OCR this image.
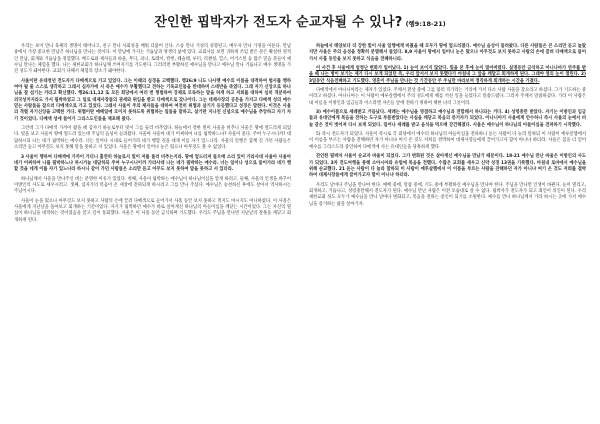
잔인한 핍박자가 전도자 순교자될 수 있나? (행9:18-21)

우리는 보이 만나 육체의 생명이 태어나고, 친구 만나 사회성을 배워 더불어 산다. 스승 만나 거성의 성향된고, 배우자 만나 가정을 이룬다. 만남 중에서 가장 중요한 만남은 하나님을 만나는 것이다. 이 만남에 가지는 거듭남과 영생의 삶에 있다. 교회사를 보면 귀하게 쓰임 받은 분은 확실한 영적인 만남, 회개와 거듭남을 경험했다. 베드로와 제자들과 바울, 무디, 피니, 토레이, 칼빈, 웨슬레, 루터, 리젠청, 헐스, 어거스틴 등 많은 믿음 분들이 예수님 만나는 체험을 했다. 나는 새한교회가 하나님께 쓰여지기를 기도한다. 그러려면 부활하신 예수님을 만나고 예수님 만나 거듭나고 예수 생명을 가진 성도가 돼야한다. 교회가 다해서 체험의 장소가 돼야한다.

사울이란 유대청년 전도자가 다메섹으로 가고 있었다. 그는 이때의 심경을 고백했다. 행26:9 나도 나사렛 예수의 이름을 대적하여 범사를 행하여야 될 줄 스스로 생각하고 그래서 십자가에 서 죽은 예수가 부활했다고 전하는 기독교인들을 반대하며 스데반을 죽였다. 그래 자기 신앙으로 하나님을 잘 섬기는 거라고 확신했다. 행26:11,12 또 모든 회당에서 여러 번 형벌하여 강제로 모독하는 말을 하게 하고 저희를 대하여 심히 격분하여 외국성까지라도 가서 핍박하였고 그 일로 대제사장들의 권세와 위임을 받고 다메섹으로 갔나이다. 그는 대제사장의 공문을 가지고 다메섹 성의 예수 믿는 사람들을 잡으러 다메섹으로 가고 있었다. 그래서 사울이 주의 제자들을 대하여 여전히 위협과 살기가 등등했다고 성경은 말한다. 이것은 사울의 격렬 자기신앙을 고백한 거다. 위협이란 예배일에 모이지 못하도록 위협하는 일들을 말하고, 살기란 지나친 신념으로 예수님을 추앙하고 자기 자기 것이었다. 다메섹 성에 들어가 그리스도인들을 체포해 왔다.

그런데 그가 다메섹 가까이 왔을 때 갑자기 하늘로부터 빛이 그를 둘러 비추었다. 하늘에서 강한 빛이 사울을 비추니 사울은 땅에 엎드리게 되었다. 빛을 보고 사울이 땅에 엎드려 있는데 주님의 음성이 들려왔다. 사울아 사울아 네가 어찌하여 나를 핍박하느냐? 사울이 묻다. 주여 누구시니까? 대답하시되 나는 네가 핍박하는 예수라. 너는 일어나 시내로 들어가라 네가 행할 것을 네게 이를 자가 있느니라. 사울의 일행은 함께 길 가던 사람들은 소리만 듣고 아무것도 보지 못해 말을 못하고 서 있었다. 사울은 땅에서 일어나 눈은 떴으나 아무것도 볼 수 없었다.

3 사울이 행하여 다메섹에 가까이 가더니 홀연히 하늘로서 빛이 저를 둘러 비추는지라. 땅에 엎드러져 들으매 소리 있어 가라사대 사울아 사울아 네가 어찌하여 나를 핍박하느냐 하시거늘 대답하되 주여 누구시니이까 가라사대 나는 네가 핍박하는 예수라. 너는 일어나 성으로 들어가라 네가 행할 것을 네게 이를 자가 있느니라 하시니 같이 가던 사람들은 소리만 듣고 아무도 보지 못하여 말을 못하고 서 있더라.

하나님께서 사울을 만나주신 데는 분명한 이유가 있었다. 첫째, 사울이 핍박하는 예수님이 하나님이심을 알게 하려고. 둘째, 사울의 인생을 바꾸어 이방인의 사도로 세우시려고. 셋째, 십자가의 복음이 온 세상에 전파되게 하시려고 그를 만나 주셨다. 예수님은 승천하신 후에도 살아서 역사하시는 주님이시다.

사울이 눈을 떴으나 아무것도 보지 못하고 사람의 손에 끌려 다메섹으로 들어가서 사흘 동안 보지 못하고 먹지도 마시지도 아니하였다. 이 사흘은 사울에게 지난날을 돌아보고 회개하는 기간이었다. 자기가 핍박하던 예수가 바로 살아계신 하나님의 아들이심을 깨닫는 시간이었다. 그는 자신의 열심이 하나님을 대적하는 것이었음을 알고 깊이 통회했다. 사울은 이 사흘 동안 금식하며 기도했다. 우리도 주님을 만나면 지난날의 잘못을 깨닫고 회개하게 된다.

하늘에서 태양보다 더 강한 빛이 사울 일행에게 비췄을 때 모두가 땅에 엎드러졌다. 예수님 음성이 들려왔다. 다른 사람들은 큰 소리만 듣고 놀랐지만 사울은 주의 음성을 정확히 분별해서 들었다. 8,9 사울이 땅에서 일어나 눈은 떴으나 아무것도 보지 못하고 사람의 손에 끌려 다메섹으로 들어가서 사흘 동안을 보지 못하고 식음을 전폐하니라.

이 사건 후 사울에게 엄청난 변화가 일어났다. 1) 눈이 보이지 않았다. 빛을 본 후에 눈이 멀어버렸다. 실명동안 금식하고 아니나마가 연주를 받을 때 나는 병이 보기는 제가 다시 보게 되었던 즉, 우리 앞서서 보지 못했다가 마침내 그 앞을 깨달고 회개하게 된다. 그래야 영의 눈이 열린다. 2) 3일동안 식음전폐하고 기도했다. 영혼이 주님을 만나는 것 기간동안 주 주님만 바라보며 정직하게 회개하는 시간을 가졌다.

다메섹에서 아나니아라는 제자가 있었다. 주께서 환상 중에 그를 불러 직가라는 거리에 가서 다소 사람 사울을 찾으라고 하셨다. 그가 기도하는 중이라고 하셨다. 아나니아는 이 사람이 예루살렘에서 주의 성도에게 해를 끼친 일을 들었다고 말씀드렸다. 그러자 주께서 말씀하셨다. 가라 이 사람은 내 이름을 이방인과 임금들과 이스라엘 자손들 앞에 전하기 위하여 택한 나의 그릇이라.

3) 예수이름으로 세례받고 거듭났다. 세례는 예수님을 영접하고 예수님과 연합해서 하나되는 거다. 4) 성령충만 받았다. 자기는 이방인과 임금들과 유대인에게 복음을 전하는 도구로 부름받았다는 사실을 깨닫고 복음의 증거자가 되었다. 아나니아가 사울에게 안수하니 즉시 사울의 눈에서 비늘 같은 것이 벗어져 다시 보게 되었다. 일어나 세례를 받고 음식을 먹으매 강건해졌다. 사울은 예수님이 하나님의 아들이심을 전파하기 시작했다.

5) 즉시 전도자가 되었다. 사울이 즉시로 각 회당에서 예수의 하나님의 아들이심을 전파하니 듣는 사람이 다 놀라 말하되 이 사람이 예루살렘에서 이 이름을 부르는 사람을 잔해하던 자가 아니냐 여기 온 것도 저희를 결박하여 대제사장들에게 끌어가고자 함이 아니냐 하더라. 사울은 힘을 더 얻어 예수를 그리스도라 증언하여 다메섹에 사는 유대인들을 당혹하게 했다.

잔인한 핍박자 사울이 순교자 바울이 되었다. 그가 변화된 것은 살아계신 예수님을 만났기 때문이다. 18-21 예수님 만난 바울은 이방인의 사도가 되었다. 3차 전도여행을 통해 소아시아와 유럽에 복음을 전했다. 수많은 교회를 세우고 신약 성경 13권을 기록했다. 마침내 로마에서 예수님을 위해 순교했다. 21 듣는 사람이 다 놀라 말하되 이 사람이 예루살렘에서 이 이름을 부르는 사람을 잔해하던 자가 아니냐 여기 온 것도 저희를 결박하여 대제사장들에게 끌어가고자 함이 아니냐 하더라.

우리도 날마다 주님을 만나야 한다. 예배 중에, 말씀 중에, 기도 중에 부활하신 예수님을 만나야 한다. 주님을 만나면 인생이 바뀐다. 눈이 열리고, 회개하고, 거듭나고, 성령충만해서 전도자가 된다. 예수님 만난 사람은 이전 모습대로 살 수 없다. 핍박자가 전도자가 되고 죄인이 의인이 된다. 우리 새한교회 성도 모두가 예수님을 만나 날마다 변화되고, 복음을 전하는 증인이 되기를 소원한다. 예수를 만나 하나님께서 가라 하시는 곳에 가서 예수님을 증거하는 삶을 살아가자.
